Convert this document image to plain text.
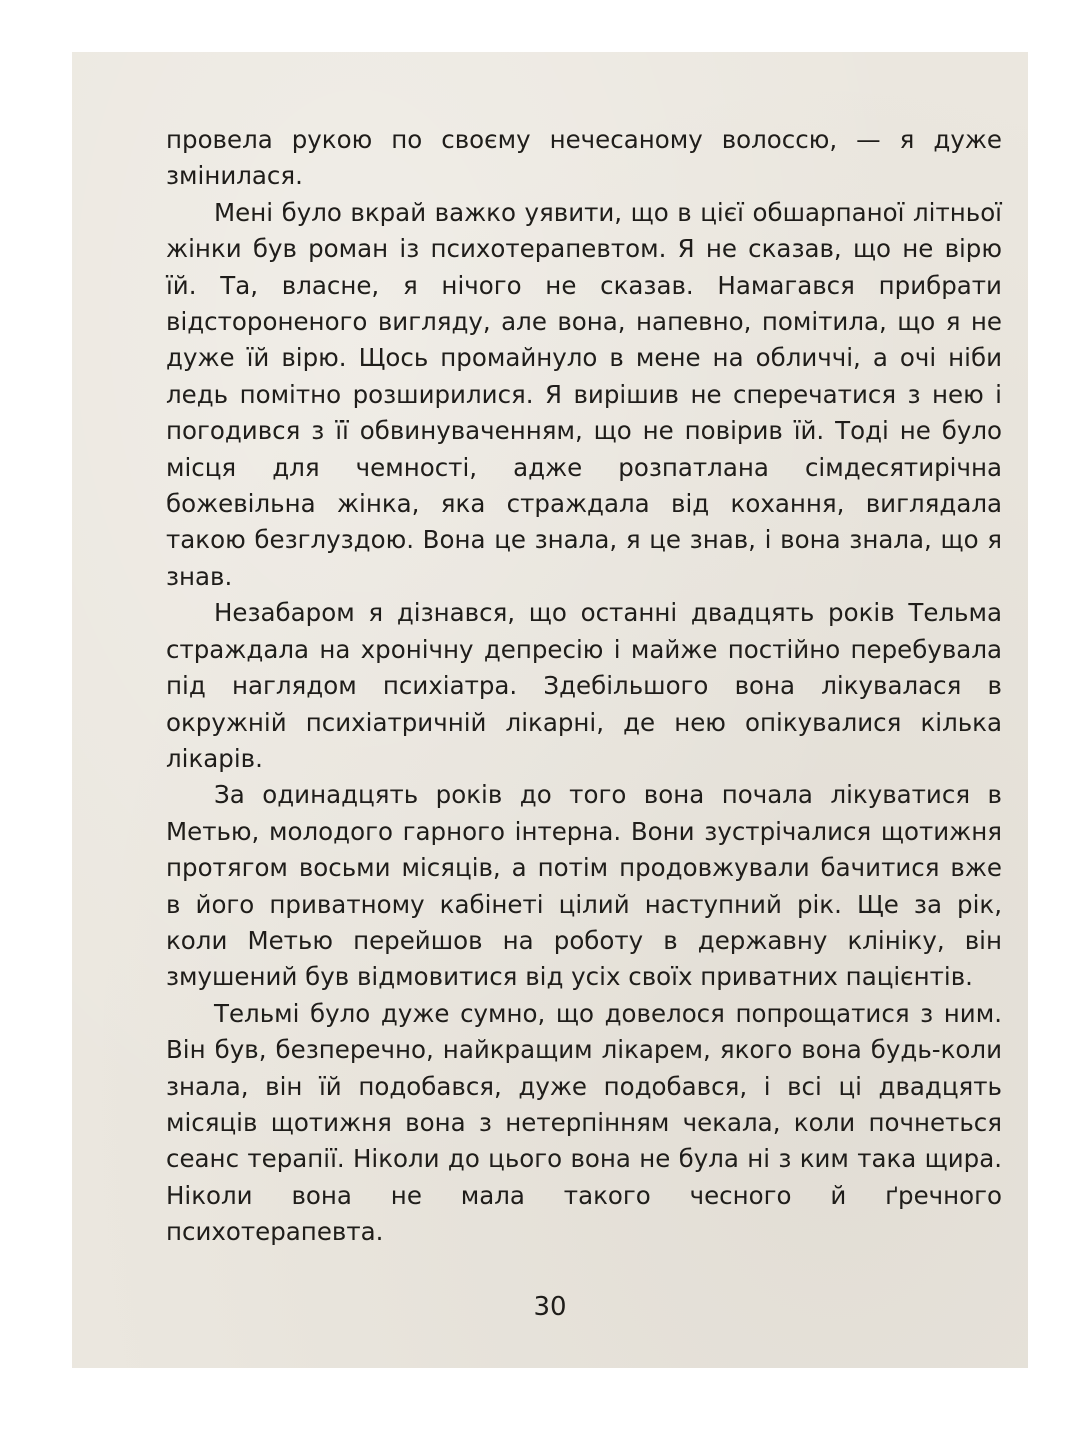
провела рукою по своєму нечесаному волоссю, — я дуже змінилася.

Мені було вкрай важко уявити, що в цієї обшарпаної літньої жінки був роман із психотерапевтом. Я не сказав, що не вірю їй. Та, власне, я нічого не сказав. Намагався прибрати відстороненого вигляду, але вона, напевно, помітила, що я не дуже їй вірю. Щось промайнуло в мене на обличчі, а очі ніби ледь помітно розширилися. Я вирішив не сперечатися з нею і погодився з її обвинуваченням, що не повірив їй. Тоді не було місця для чемності, адже розпатлана сімдесятирічна божевільна жінка, яка страждала від кохання, виглядала такою безглуздою. Вона це знала, я це знав, і вона знала, що я знав.

Незабаром я дізнався, що останні двадцять років Тельма страждала на хронічну депресію і майже постійно перебувала під наглядом психіатра. Здебільшого вона лікувалася в окружній психіатричній лікарні, де нею опікувалися кілька лікарів.

За одинадцять років до того вона почала лікуватися в Метью, молодого гарного інтерна. Вони зустрічалися щотижня протягом восьми місяців, а потім продовжували бачитися вже в його приватному кабінеті цілий наступний рік. Ще за рік, коли Метью перейшов на роботу в державну клініку, він змушений був відмовитися від усіх своїх приватних пацієнтів.

Тельмі було дуже сумно, що довелося попрощатися з ним. Він був, безперечно, найкращим лікарем, якого вона будь-коли знала, він їй подобався, дуже подобався, і всі ці двадцять місяців щотижня вона з нетерпінням чекала, коли почнеться сеанс терапії. Ніколи до цього вона не була ні з ким така щира. Ніколи вона не мала такого чесного й ґречного психотерапевта.

30
